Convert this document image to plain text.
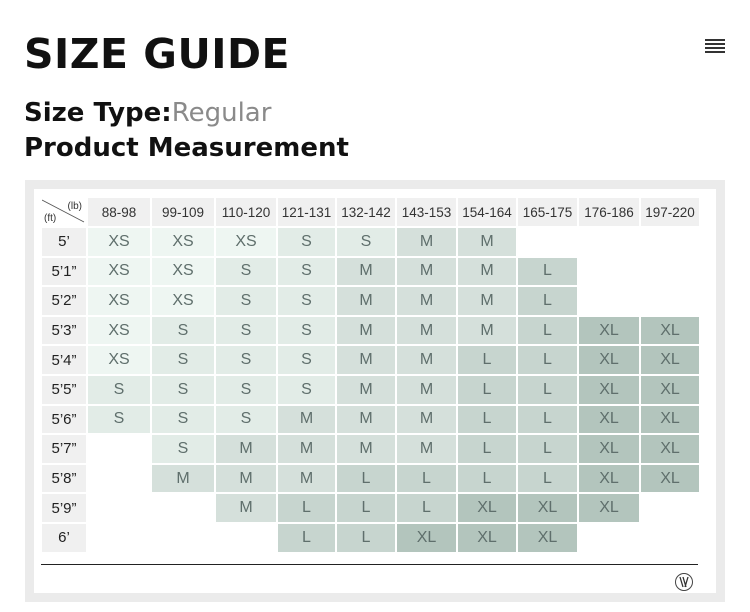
SIZE GUIDE
Size Type:Regular
Product Measurement
(lb)
(ft)	88-98	99-109	110-120	121-131	132-142	143-153	154-164	165-175	176-186	197-220
5’	XS	XS	XS	S	S	M	M			
5’1”	XS	XS	S	S	M	M	M	L		
5’2”	XS	XS	S	S	M	M	M	L		
5’3”	XS	S	S	S	M	M	M	L	XL	XL
5’4”	XS	S	S	S	M	M	L	L	XL	XL
5’5”	S	S	S	S	M	M	L	L	XL	XL
5’6”	S	S	S	M	M	M	L	L	XL	XL
5’7”		S	M	M	M	M	L	L	XL	XL
5’8”		M	M	M	L	L	L	L	XL	XL
5’9”			M	L	L	L	XL	XL	XL	
6’				L	L	XL	XL	XL		
